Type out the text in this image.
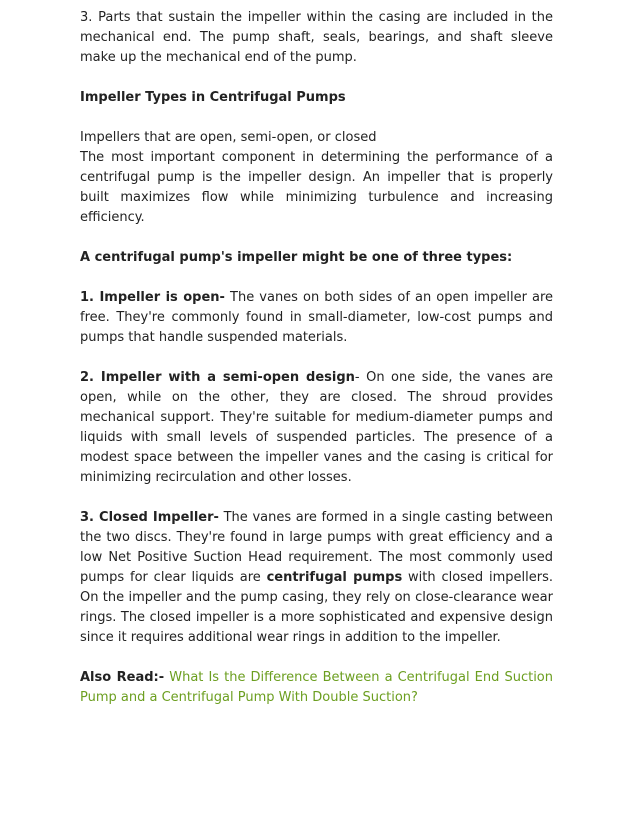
3. Parts that sustain the impeller within the casing are included in the mechanical end. The pump shaft, seals, bearings, and shaft sleeve make up the mechanical end of the pump.

Impeller Types in Centrifugal Pumps

Impellers that are open, semi-open, or closed

The most important component in determining the performance of a centrifugal pump is the impeller design. An impeller that is properly built maximizes flow while minimizing turbulence and increasing efficiency.

A centrifugal pump's impeller might be one of three types:

1. Impeller is open- The vanes on both sides of an open impeller are free. They're commonly found in small-diameter, low-cost pumps and pumps that handle suspended materials.

2. Impeller with a semi-open design- On one side, the vanes are open, while on the other, they are closed. The shroud provides mechanical support. They're suitable for medium-diameter pumps and liquids with small levels of suspended particles. The presence of a modest space between the impeller vanes and the casing is critical for minimizing recirculation and other losses.

3. Closed Impeller- The vanes are formed in a single casting between the two discs. They're found in large pumps with great efficiency and a low Net Positive Suction Head requirement. The most commonly used pumps for clear liquids are centrifugal pumps with closed impellers. On the impeller and the pump casing, they rely on close-clearance wear rings. The closed impeller is a more sophisticated and expensive design since it requires additional wear rings in addition to the impeller.

Also Read:- What Is the Difference Between a Centrifugal End Suction Pump and a Centrifugal Pump With Double Suction?
